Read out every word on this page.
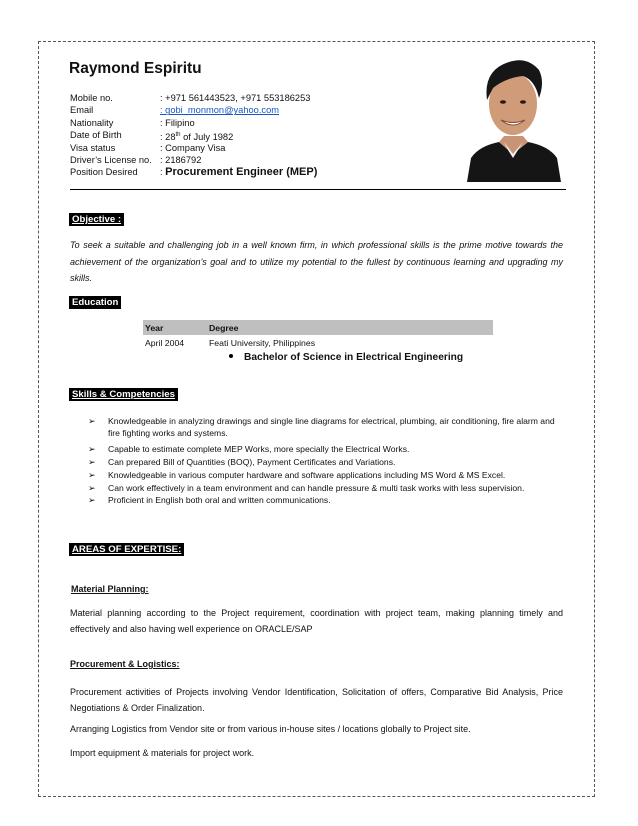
Raymond Espiritu
Mobile no.	: +971 561443523, +971 553186253
Email	: gobi_monmon@yahoo.com
Nationality	: Filipino
Date of Birth	: 28th of July 1982
Visa status	: Company Visa
Driver’s License no. : 2186792
Position Desired	: Procurement Engineer (MEP)
Objective :
To seek a suitable and challenging job in a well known firm, in which professional skills is the prime motive towards the achievement of the organization’s goal and to utilize my potential to the fullest by continuous learning and upgrading my skills.
Education
Year	Degree
April 2004	Feati University, Philippines
Bachelor of Science in Electrical Engineering
Skills & Competencies
➢	Knowledgeable in analyzing drawings and single line diagrams for electrical, plumbing, air conditioning, fire alarm and fire fighting works and systems.
➢	Capable to estimate complete MEP Works, more specially the Electrical Works.
➢	Can prepared Bill of Quantities (BOQ), Payment Certificates and Variations.
➢	Knowledgeable in various computer hardware and software applications including MS Word & MS Excel.
➢	Can work effectively in a team environment and can handle pressure & multi task works with less supervision.
➢	Proficient in English both oral and written communications.
AREAS OF EXPERTISE:
Material Planning:
Material planning according to the Project requirement, coordination with project team, making planning timely and effectively and also having well experience on ORACLE/SAP
Procurement & Logistics:
Procurement activities of Projects involving Vendor Identification, Solicitation of offers, Comparative Bid Analysis, Price Negotiations & Order Finalization.
Arranging Logistics from Vendor site or from various in-house sites / locations globally to Project site.
Import equipment & materials for project work.
